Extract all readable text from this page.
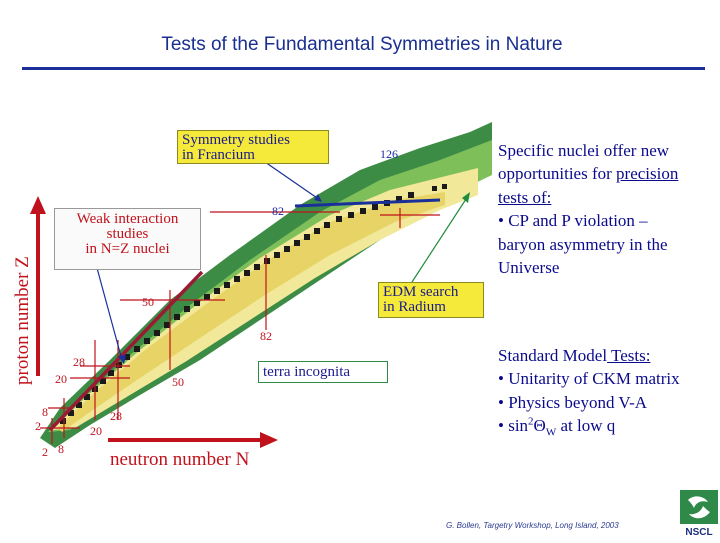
Tests of the Fundamental Symmetries in Nature
2
8
20
28
50
82
126
2 8
20
28
50
82
neutron number N
proton number Z
Symmetry studies
in Francium
Weak interaction
studies
in N=Z nuclei
EDM search
in Radium
terra incognita
Specific nuclei offer new
opportunities for precision
tests of:
• CP and P violation –
baryon asymmetry in the
Universe
Standard Model Tests:
• Unitarity of CKM matrix
• Physics beyond V-A
• $\sin^2\Theta_W$ at low q
G. Bollen, Targetry Workshop, Long Island, 2003
NSCL
